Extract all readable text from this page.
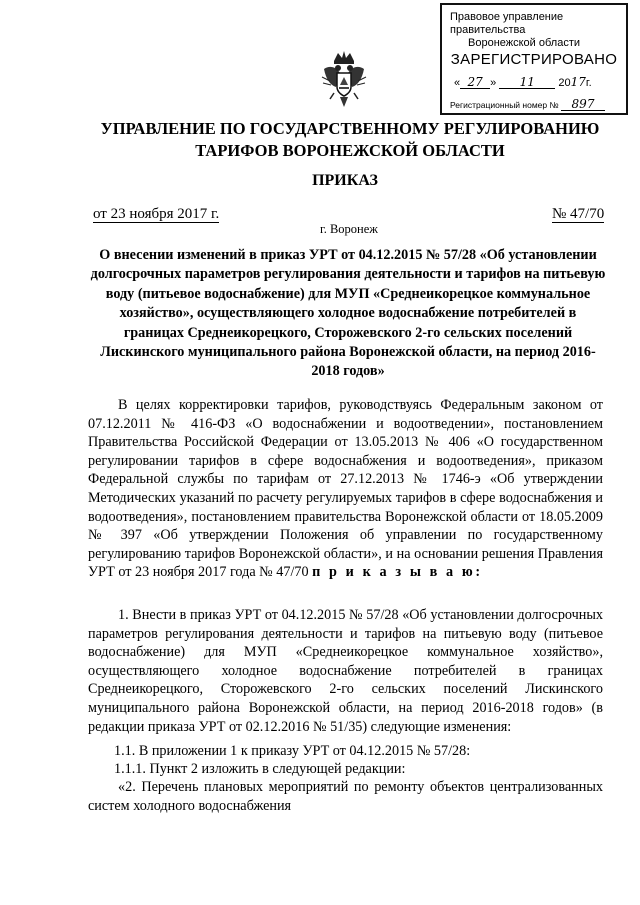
Правовое управление правительства
Воронежской области
ЗАРЕГИСТРИРОВАНО
« 27 » 11 2017г.
Регистрационный номер № 897
УПРАВЛЕНИЕ ПО ГОСУДАРСТВЕННОМУ РЕГУЛИРОВАНИЮ
ТАРИФОВ ВОРОНЕЖСКОЙ ОБЛАСТИ
ПРИКАЗ
от 23 ноября 2017 г.	№ 47/70
г. Воронеж
О внесении изменений в приказ УРТ от 04.12.2015 № 57/28 «Об установлении долгосрочных параметров регулирования деятельности и тарифов на питьевую воду (питьевое водоснабжение) для МУП «Среднеикорецкое коммунальное хозяйство», осуществляющего холодное водоснабжение потребителей в границах Среднеикорецкого, Сторожевского 2-го сельских поселений Лискинского муниципального района Воронежской области, на период 2016-2018 годов»
В целях корректировки тарифов, руководствуясь Федеральным законом от 07.12.2011 № 416-ФЗ «О водоснабжении и водоотведении», постановлением Правительства Российской Федерации от 13.05.2013 № 406 «О государственном регулировании тарифов в сфере водоснабжения и водоотведения», приказом Федеральной службы по тарифам от 27.12.2013 № 1746-э «Об утверждении Методических указаний по расчету регулируемых тарифов в сфере водоснабжения и водоотведения», постановлением правительства Воронежской области от 18.05.2009 № 397 «Об утверждении Положения об управлении по государственному регулированию тарифов Воронежской области», и на основании решения Правления УРТ от 23 ноября 2017 года № 47/70 п р и к а з ы в а ю:
1. Внести в приказ УРТ от 04.12.2015 № 57/28 «Об установлении долгосрочных параметров регулирования деятельности и тарифов на питьевую воду (питьевое водоснабжение) для МУП «Среднеикорецкое коммунальное хозяйство», осуществляющего холодное водоснабжение потребителей в границах Среднеикорецкого, Сторожевского 2-го сельских поселений Лискинского муниципального района Воронежской области, на период 2016-2018 годов» (в редакции приказа УРТ от 02.12.2016 № 51/35) следующие изменения:
1.1. В приложении 1 к приказу УРТ от 04.12.2015 № 57/28:
1.1.1. Пункт 2 изложить в следующей редакции:
«2. Перечень плановых мероприятий по ремонту объектов централизованных систем холодного водоснабжения
